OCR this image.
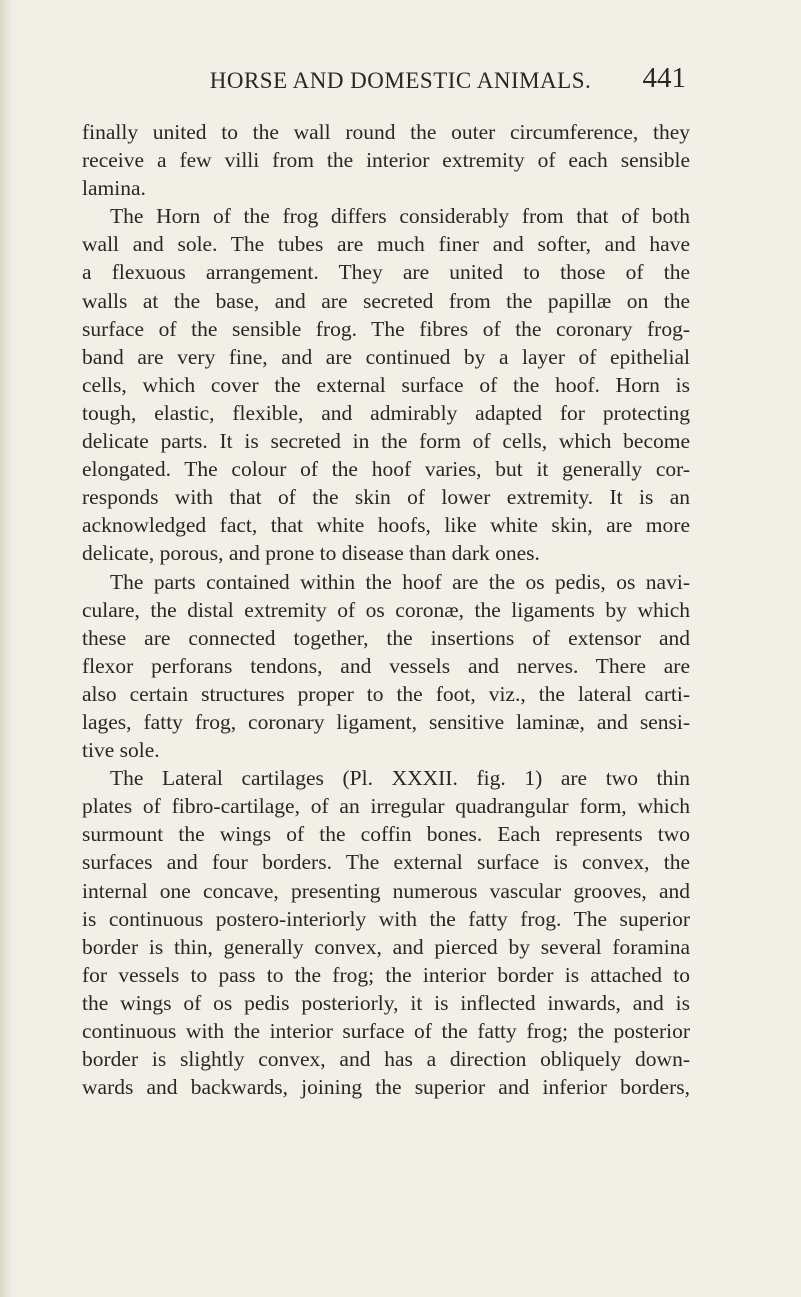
HORSE AND DOMESTIC ANIMALS.	441
finally united to the wall round the outer circumference, they
receive a few villi from the interior extremity of each sensible
lamina.
The Horn of the frog differs considerably from that of both
wall and sole. The tubes are much finer and softer, and have
a flexuous arrangement. They are united to those of the
walls at the base, and are secreted from the papillæ on the
surface of the sensible frog. The fibres of the coronary frog-
band are very fine, and are continued by a layer of epithelial
cells, which cover the external surface of the hoof. Horn is
tough, elastic, flexible, and admirably adapted for protecting
delicate parts. It is secreted in the form of cells, which become
elongated. The colour of the hoof varies, but it generally cor-
responds with that of the skin of lower extremity. It is an
acknowledged fact, that white hoofs, like white skin, are more
delicate, porous, and prone to disease than dark ones.
The parts contained within the hoof are the os pedis, os navi-
culare, the distal extremity of os coronæ, the ligaments by which
these are connected together, the insertions of extensor and
flexor perforans tendons, and vessels and nerves. There are
also certain structures proper to the foot, viz., the lateral carti-
lages, fatty frog, coronary ligament, sensitive laminæ, and sensi-
tive sole.
The Lateral cartilages (Pl. XXXII. fig. 1) are two thin
plates of fibro-cartilage, of an irregular quadrangular form, which
surmount the wings of the coffin bones. Each represents two
surfaces and four borders. The external surface is convex, the
internal one concave, presenting numerous vascular grooves, and
is continuous postero-interiorly with the fatty frog. The superior
border is thin, generally convex, and pierced by several foramina
for vessels to pass to the frog; the interior border is attached to
the wings of os pedis posteriorly, it is inflected inwards, and is
continuous with the interior surface of the fatty frog; the posterior
border is slightly convex, and has a direction obliquely down-
wards and backwards, joining the superior and inferior borders,
